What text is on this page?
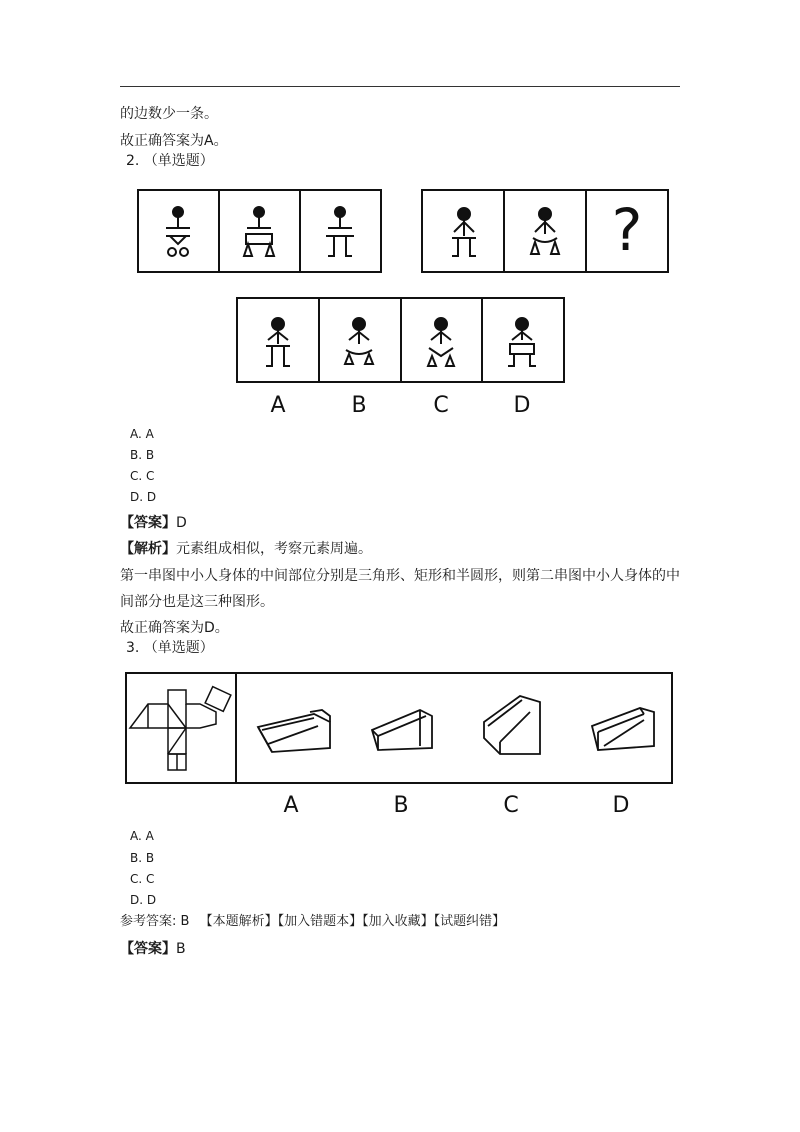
的边数少一条。
故正确答案为A。
2. （单选题）
?
A	B	C	D
A. A
B. B
C. C
D. D
【答案】D
【解析】元素组成相似，考察元素周遍。
第一串图中小人身体的中间部位分别是三角形、矩形和半圆形，则第二串图中小人身体的中
间部分也是这三种图形。
故正确答案为D。
3. （单选题）
A	B	C	D
A. A
B. B
C. C
D. D
参考答案: B 【本题解析】【加入错题本】【加入收藏】【试题纠错】
【答案】B
